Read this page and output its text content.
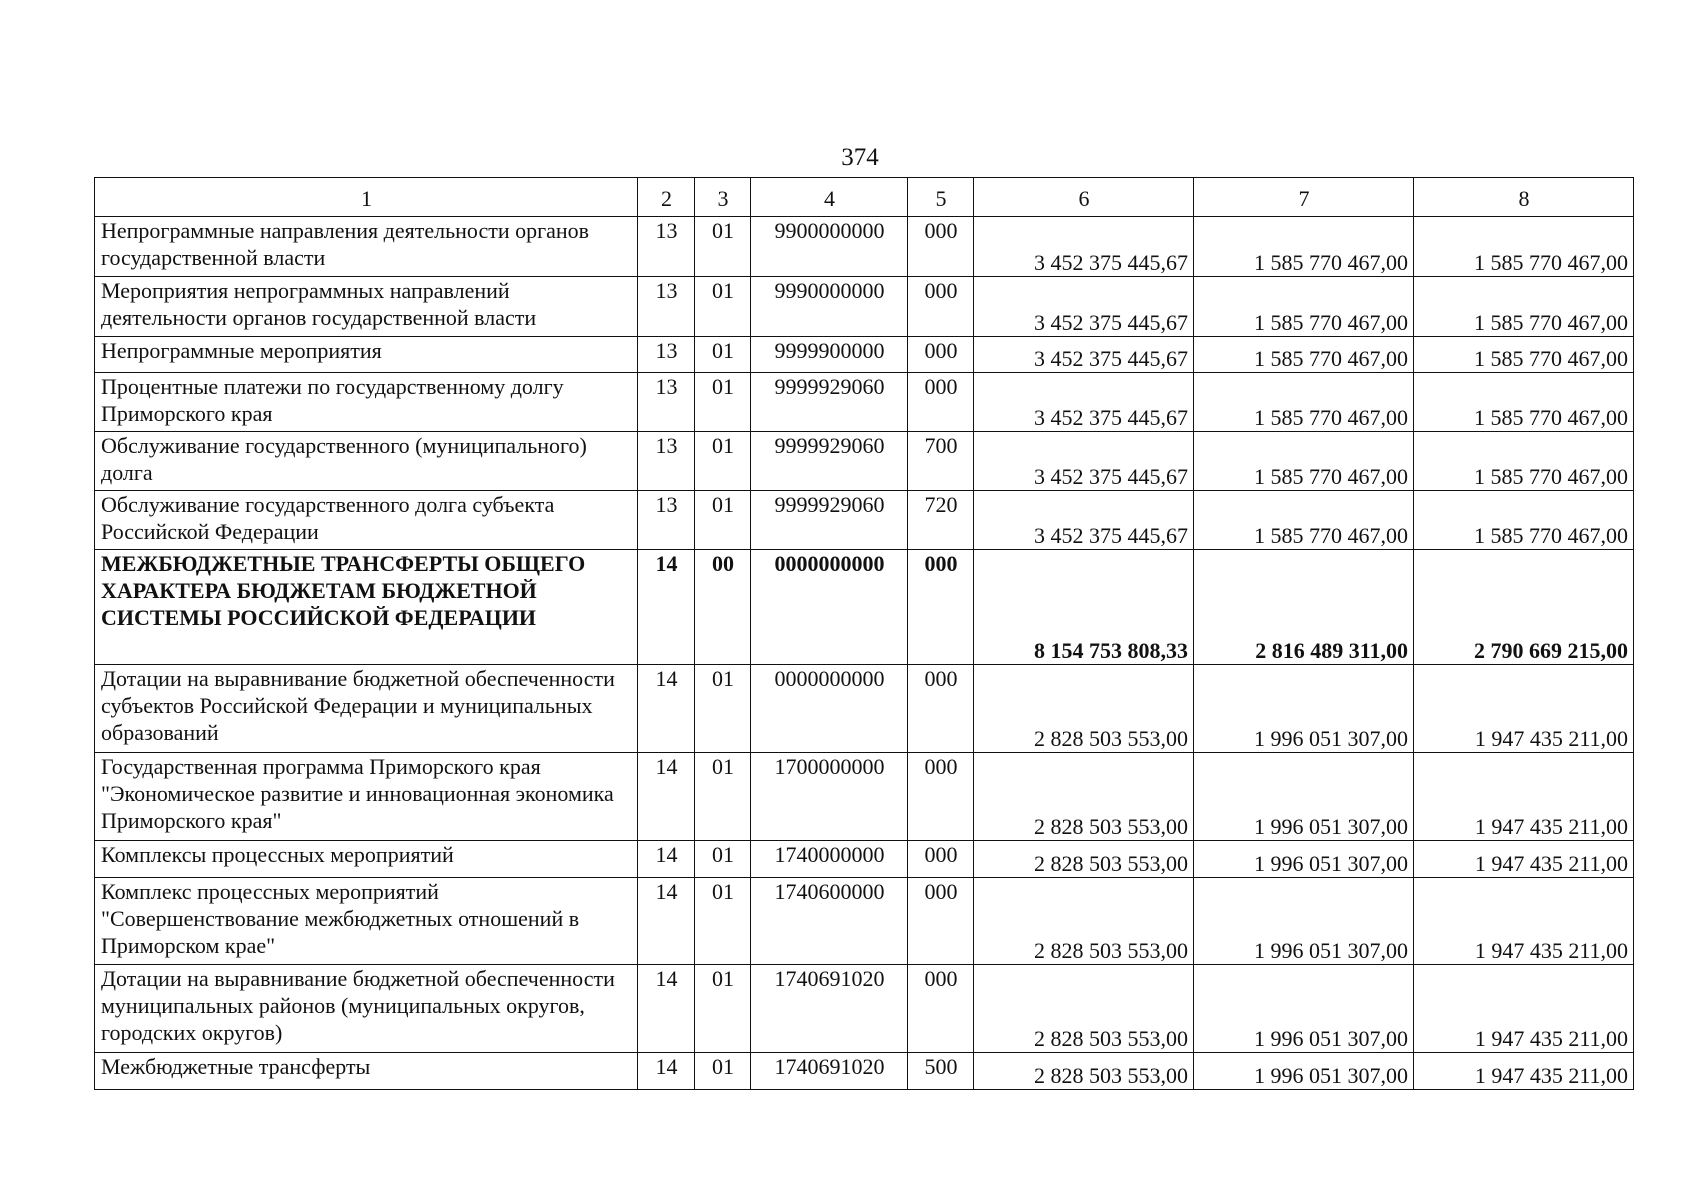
374
1	2	3	4	5	6	7	8
Непрограммные направления деятельности органов государственной власти	13	01	9900000000	000	3 452 375 445,67	1 585 770 467,00	1 585 770 467,00
Мероприятия непрограммных направлений деятельности органов государственной власти	13	01	9990000000	000	3 452 375 445,67	1 585 770 467,00	1 585 770 467,00
Непрограммные мероприятия	13	01	9999900000	000	3 452 375 445,67	1 585 770 467,00	1 585 770 467,00
Процентные платежи по государственному долгу Приморского края	13	01	9999929060	000	3 452 375 445,67	1 585 770 467,00	1 585 770 467,00
Обслуживание государственного (муниципального) долга	13	01	9999929060	700	3 452 375 445,67	1 585 770 467,00	1 585 770 467,00
Обслуживание государственного долга субъекта Российской Федерации	13	01	9999929060	720	3 452 375 445,67	1 585 770 467,00	1 585 770 467,00
МЕЖБЮДЖЕТНЫЕ ТРАНСФЕРТЫ ОБЩЕГО ХАРАКТЕРА БЮДЖЕТАМ БЮДЖЕТНОЙ СИСТЕМЫ РОССИЙСКОЙ ФЕДЕРАЦИИ	14	00	0000000000	000	8 154 753 808,33	2 816 489 311,00	2 790 669 215,00
Дотации на выравнивание бюджетной обеспеченности субъектов Российской Федерации и муниципальных образований	14	01	0000000000	000	2 828 503 553,00	1 996 051 307,00	1 947 435 211,00
Государственная программа Приморского края "Экономическое развитие и инновационная экономика Приморского края"	14	01	1700000000	000	2 828 503 553,00	1 996 051 307,00	1 947 435 211,00
Комплексы процессных мероприятий	14	01	1740000000	000	2 828 503 553,00	1 996 051 307,00	1 947 435 211,00
Комплекс процессных мероприятий "Совершенствование межбюджетных отношений в Приморском крае"	14	01	1740600000	000	2 828 503 553,00	1 996 051 307,00	1 947 435 211,00
Дотации на выравнивание бюджетной обеспеченности муниципальных районов (муниципальных округов, городских округов)	14	01	1740691020	000	2 828 503 553,00	1 996 051 307,00	1 947 435 211,00
Межбюджетные трансферты	14	01	1740691020	500	2 828 503 553,00	1 996 051 307,00	1 947 435 211,00
